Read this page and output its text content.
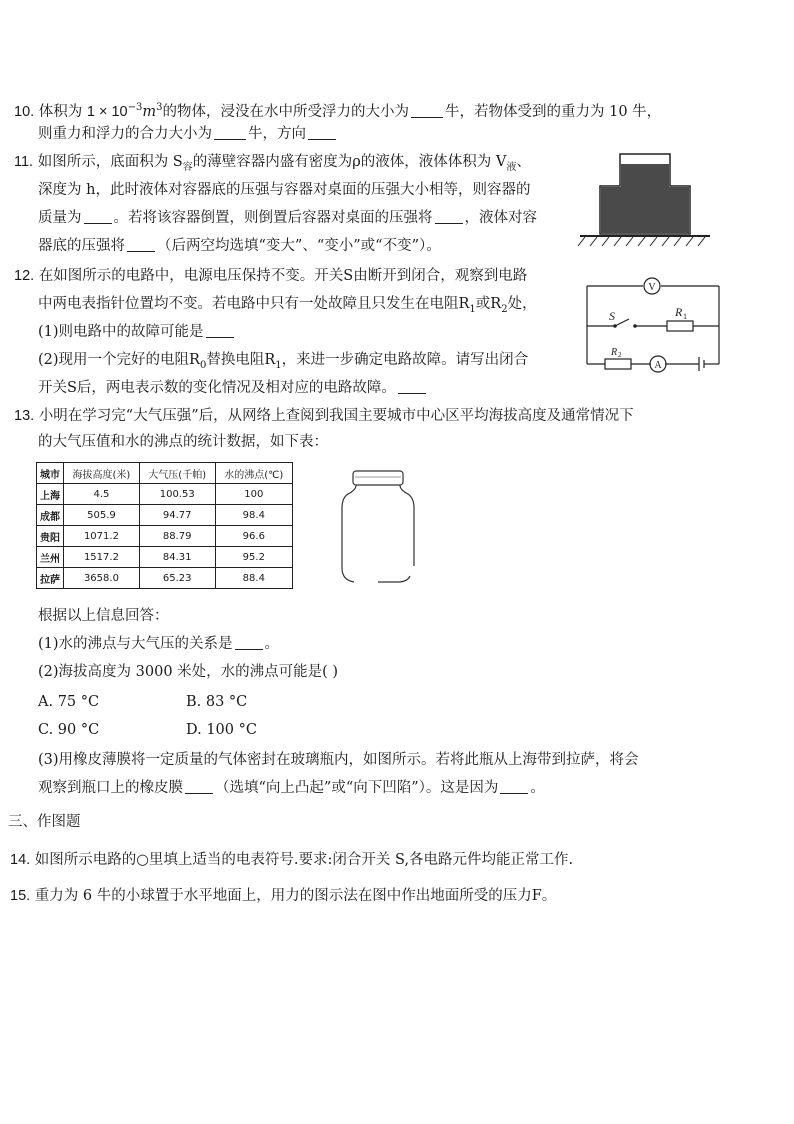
10. 体积为 $1 \times 10^{-3}m^3$的物体，浸没在水中所受浮力的大小为 牛，若物体受到的重力为 10 牛，
则重力和浮力的合力大小为 牛，方向
11. 如图所示，底面积为 $S_容$的薄壁容器内盛有密度为ρ的液体，液体体积为 $V_液$、
深度为 h，此时液体对容器底的压强与容器对桌面的压强大小相等，则容器的
质量为 。若将该容器倒置，则倒置后容器对桌面的压强将 ，液体对容
器底的压强将 （后两空均选填“变大”、“变小”或“不变”）。
12. 在如图所示的电路中，电源电压保持不变。开关S由断开到闭合，观察到电路
中两电表指针位置均不变。若电路中只有一处故障且只发生在电阻$R_1$或$R_2$处，
(1)则电路中的故障可能是
(2)现用一个完好的电阻$R_0$替换电阻$R_1$，来进一步确定电路故障。请写出闭合
开关S后，两电表示数的变化情况及相对应的电路故障。
V
A
S	R 1
R 2
13. 小明在学习完“大气压强”后，从网络上查阅到我国主要城市中心区平均海拔高度及通常情况下
的大气压值和水的沸点的统计数据，如下表：
城市	海拔高度(米)	大气压(千帕)	水的沸点(℃)
上海	4.5	100.53	100
成都	505.9	94.77	98.4
贵阳	1071.2	88.79	96.6
兰州	1517.2	84.31	95.2
拉萨	3658.0	65.23	88.4
根据以上信息回答：
(1)水的沸点与大气压的关系是 。
(2)海拔高度为 3000 米处，水的沸点可能是( )
A. 75 °C	B. 83 °C
C. 90 °C	D. 100 °C
(3)用橡皮薄膜将一定质量的气体密封在玻璃瓶内，如图所示。若将此瓶从上海带到拉萨，将会
观察到瓶口上的橡皮膜 （选填“向上凸起”或“向下凹陷”）。这是因为 。
三、作图题
14. 如图所示电路的○里填上适当的电表符号.要求:闭合开关 S,各电路元件均能正常工作.
15. 重力为 6 牛的小球置于水平地面上，用力的图示法在图中作出地面所受的压力F。
